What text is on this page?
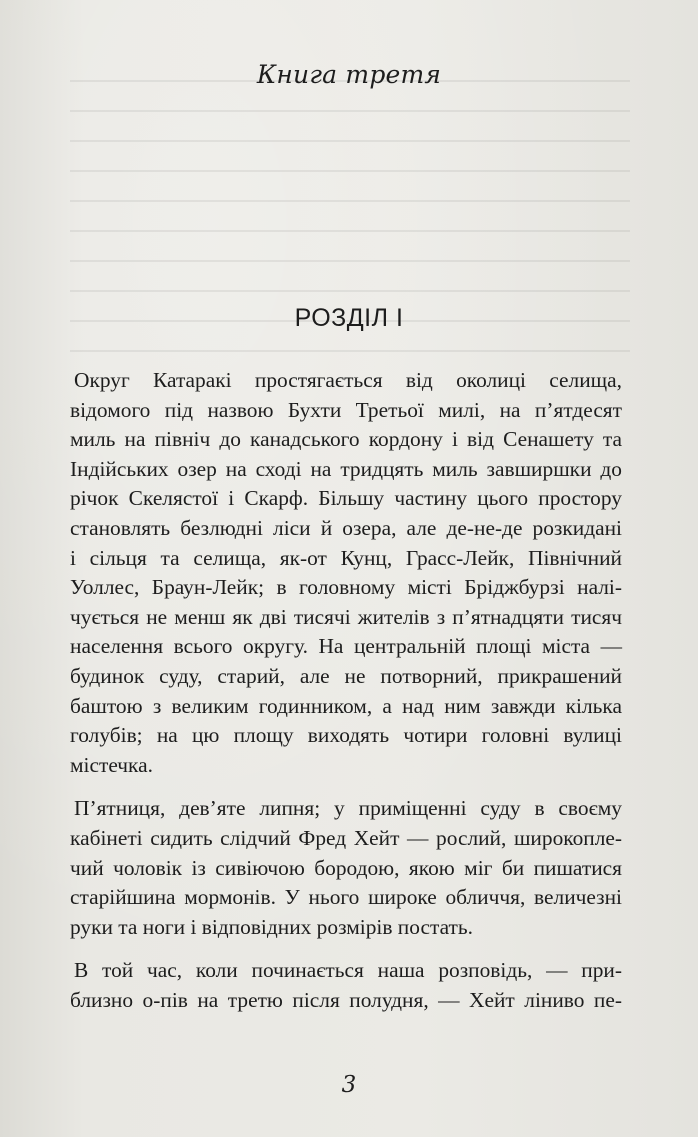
Книга третя
РОЗДІЛ I

Округ Катаракі простягається від околиці селища,
відомого під назвою Бухти Третьої милі, на п’ятдесят
миль на північ до канадського кордону і від Сенашету та
Індійських озер на сході на тридцять миль завширшки до
річок Скелястої і Скарф. Більшу частину цього простору
становлять безлюдні ліси й озера, але де-не-де розкидані
і сільця та селища, як-от Кунц, Грасс-Лейк, Північний
Уоллес, Браун-Лейк; в головному місті Бріджбурзі налі-
чується не менш як дві тисячі жителів з п’ятнадцяти тисяч
населення всього округу. На центральній площі міста —
будинок суду, старий, але не потворний, прикрашений
баштою з великим годинником, а над ним завжди кілька
голубів; на цю площу виходять чотири головні вулиці
містечка.

П’ятниця, дев’яте липня; у приміщенні суду в своєму
кабінеті сидить слідчий Фред Хейт — рослий, широкопле-
чий чоловік із сивіючою бородою, якою міг би пишатися
старійшина мормонів. У нього широке обличчя, величезні
руки та ноги і відповідних розмірів постать.

В той час, коли починається наша розповідь, — при-
близно о-пів на третю після полудня, — Хейт ліниво пе-

3
